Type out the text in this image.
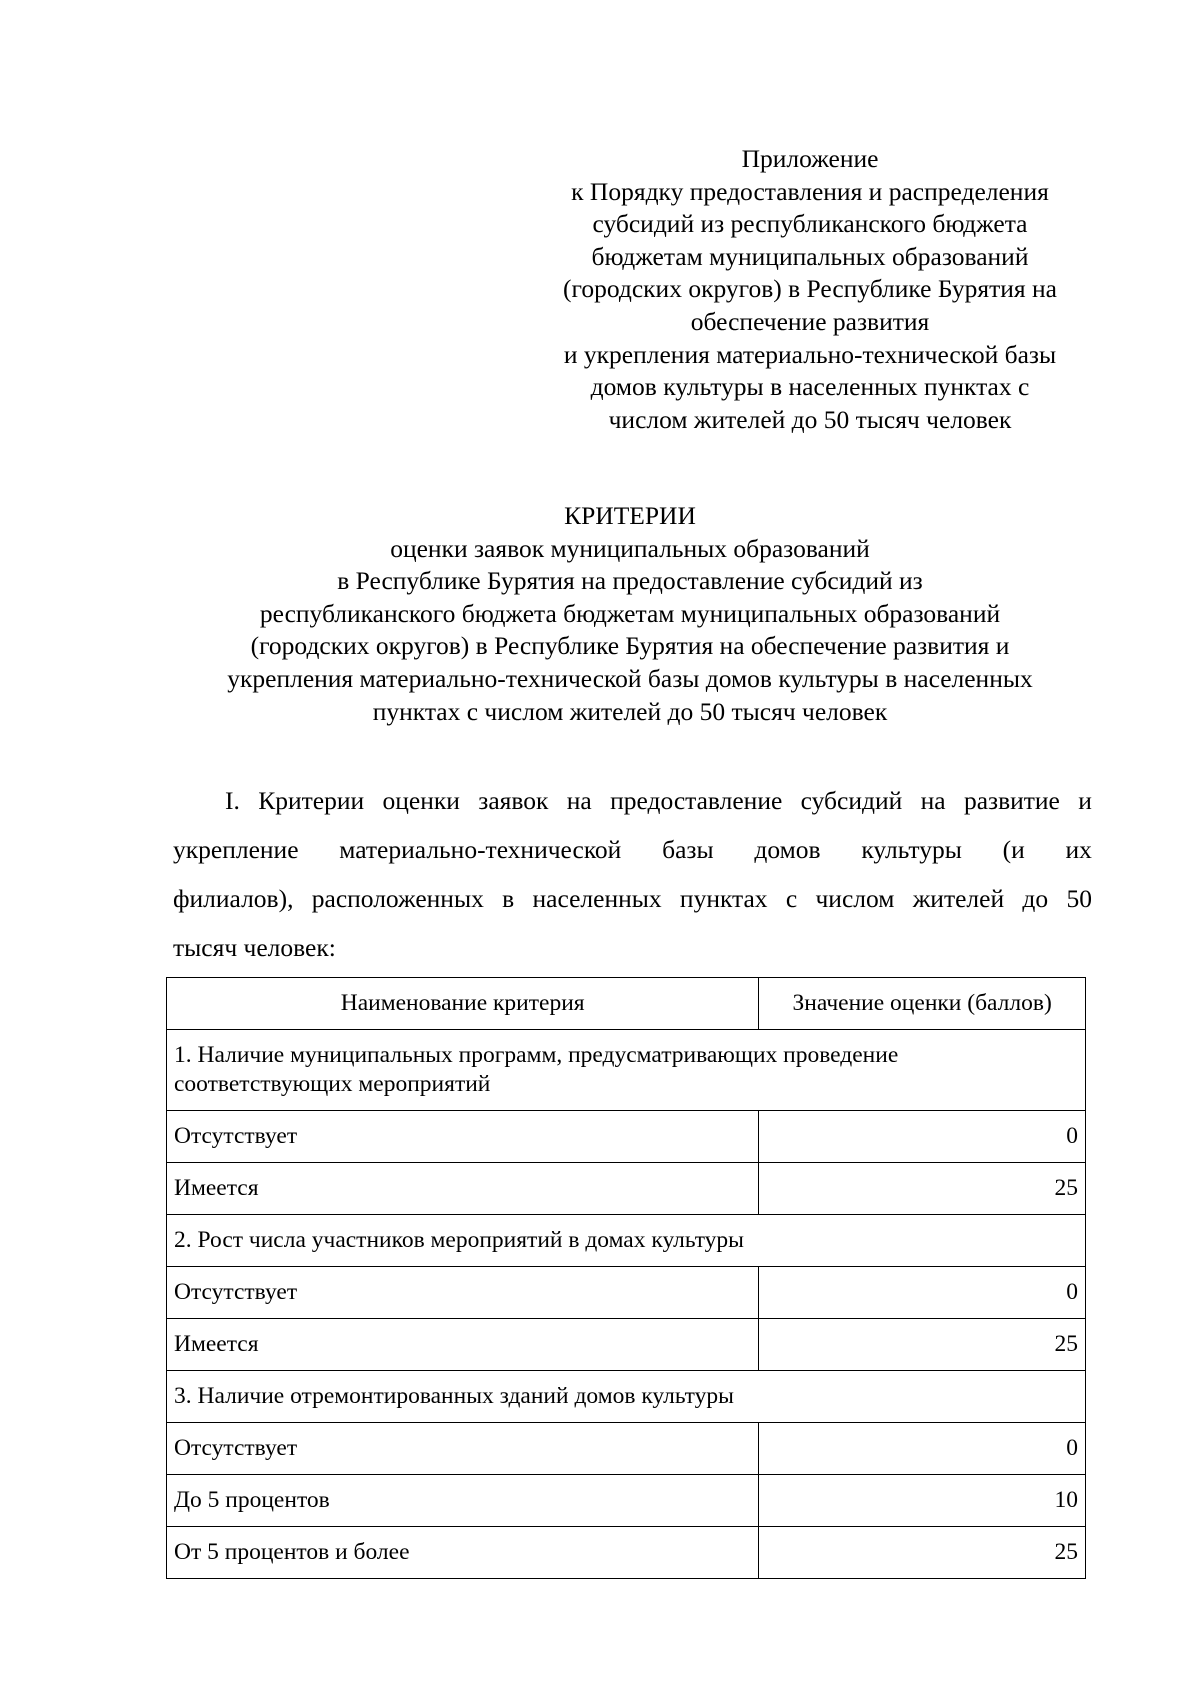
Приложение
к Порядку предоставления и распределения
субсидий из республиканского бюджета
бюджетам муниципальных образований
(городских округов) в Республике Бурятия на
обеспечение развития
и укрепления материально-технической базы
домов культуры в населенных пунктах с
числом жителей до 50 тысяч человек
КРИТЕРИИ
оценки заявок муниципальных образований
в Республике Бурятия на предоставление субсидий из
республиканского бюджета бюджетам муниципальных образований
(городских округов) в Республике Бурятия на обеспечение развития и
укрепления материально-технической базы домов культуры в населенных
пунктах с числом жителей до 50 тысяч человек
I. Критерии оценки заявок на предоставление субсидий на развитие и
укрепление материально-технической базы домов культуры (и их
филиалов), расположенных в населенных пунктах с числом жителей до 50
тысяч человек:
Наименование критерия	Значение оценки (баллов)
1. Наличие муниципальных программ, предусматривающих проведение соответствующих мероприятий	
Отсутствует	0
Имеется	25
2. Рост числа участников мероприятий в домах культуры	
Отсутствует	0
Имеется	25
3. Наличие отремонтированных зданий домов культуры	
Отсутствует	0
До 5 процентов	10
От 5 процентов и более	25
